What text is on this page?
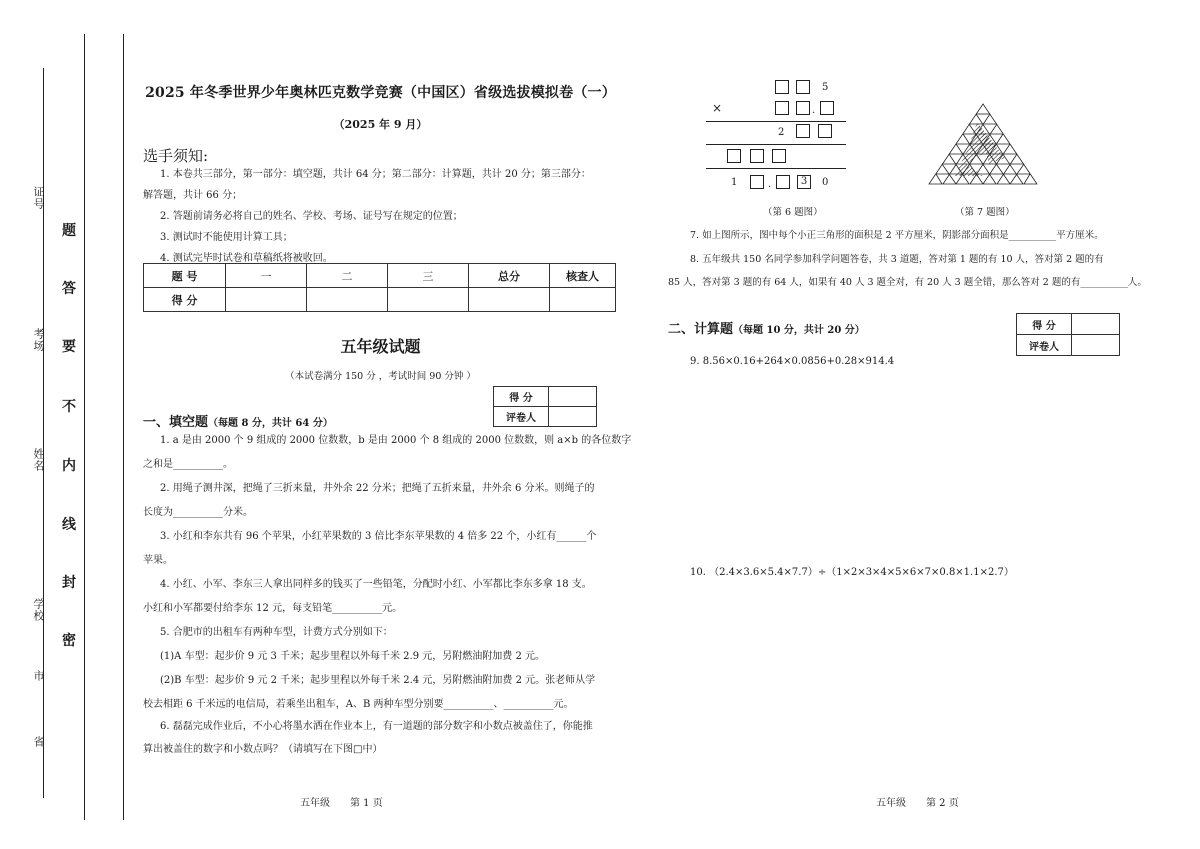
证号
考场
姓名
学校
市
省
题
答
要
不
内
线
封
密
2025 年冬季世界少年奥林匹克数学竞赛（中国区）省级选拔模拟卷（一）
（2025 年 9 月）
选手须知:
1. 本卷共三部分，第一部分：填空题，共计 64 分；第二部分：计算题，共计 20 分；第三部分：
解答题，共计 66 分；
2. 答题前请务必将自己的姓名、学校、考场、证号写在规定的位置；
3. 测试时不能使用计算工具；
4. 测试完毕时试卷和草稿纸将被收回。
题 号	一	二	三	总分	核查人
得 分					
五年级试题
（本试卷满分 150 分 ，考试时间 90 分钟 ）
得 分	
评卷人	
一、填空题（每题 8 分，共计 64 分）
1. a 是由 2000 个 9 组成的 2000 位数数，b 是由 2000 个 8 组成的 2000 位数数，则 a×b 的各位数字
之和是__________。
2. 用绳子测井深，把绳了三折来量，井外余 22 分米；把绳了五折来量，井外余 6 分米。则绳子的
长度为__________分米。
3. 小红和李东共有 96 个苹果，小红苹果数的 3 倍比李东苹果数的 4 倍多 22 个，小红有______个
苹果。
4. 小红、小军、李东三人拿出同样多的钱买了一些铅笔，分配时小红、小军都比李东多拿 18 支。
小红和小军都要付给李东 12 元，每支铅笔__________元。
5. 合肥市的出租车有两种车型，计费方式分别如下：
(1)A 车型：起步价 9 元 3 千米；起步里程以外每千米 2.9 元，另附燃油附加费 2 元。
(2)B 车型：起步价 9 元 2 千米；起步里程以外每千米 2.4 元，另附燃油附加费 2 元。张老师从学
校去相距 6 千米远的电信局，若乘坐出租车，A、B 两种车型分别要__________、__________元。
6. 磊磊完成作业后，不小心将墨水洒在作业本上，有一道题的部分数字和小数点被盖住了，你能推
算出被盖住的数字和小数点吗？（请填写在下图□中）
五年级　　第 1 页
5
×	.
2
1	.	3	0
（第 6 题图）	（第 7 题图）
7. 如上图所示，图中每个小正三角形的面积是 2 平方厘米，阴影部分面积是__________平方厘米。
8. 五年级共 150 名同学参加科学问题答卷，共 3 道题，答对第 1 题的有 10 人，答对第 2 题的有
85 人，答对第 3 题的有 64 人，如果有 40 人 3 题全对，有 20 人 3 题全错，那么答对 2 题的有__________人。
二、计算题（每题 10 分，共计 20 分）	得 分	
评卷人	
9. 8.56×0.16+264×0.0856+0.28×914.4
10. （2.4×3.6×5.4×7.7）÷（1×2×3×4×5×6×7×0.8×1.1×2.7）
五年级　　第 2 页
